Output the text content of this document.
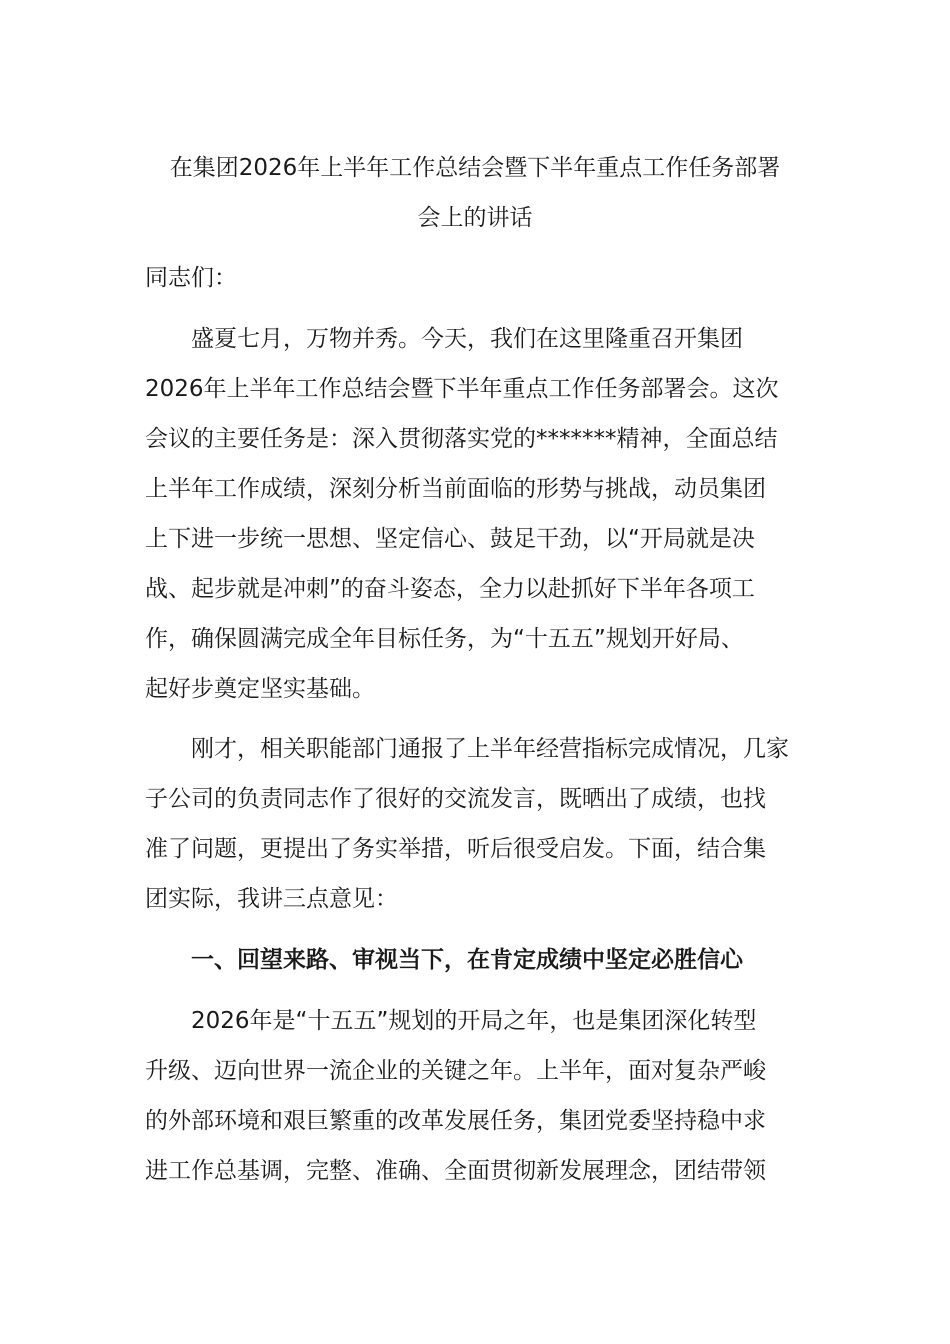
在集团2026年上半年工作总结会暨下半年重点工作任务部署
会上的讲话
同志们：
　　盛夏七月，万物并秀。今天，我们在这里隆重召开集团
2026年上半年工作总结会暨下半年重点工作任务部署会。这次
会议的主要任务是：深入贯彻落实党的*******精神，全面总结
上半年工作成绩，深刻分析当前面临的形势与挑战，动员集团
上下进一步统一思想、坚定信心、鼓足干劲，以“开局就是决
战、起步就是冲刺”的奋斗姿态，全力以赴抓好下半年各项工
作，确保圆满完成全年目标任务，为“十五五”规划开好局、
起好步奠定坚实基础。
　　刚才，相关职能部门通报了上半年经营指标完成情况，几家
子公司的负责同志作了很好的交流发言，既晒出了成绩，也找
准了问题，更提出了务实举措，听后很受启发。下面，结合集
团实际，我讲三点意见：
　　一、回望来路、审视当下，在肯定成绩中坚定必胜信心
　　2026年是“十五五”规划的开局之年，也是集团深化转型
升级、迈向世界一流企业的关键之年。上半年，面对复杂严峻
的外部环境和艰巨繁重的改革发展任务，集团党委坚持稳中求
进工作总基调，完整、准确、全面贯彻新发展理念，团结带领
